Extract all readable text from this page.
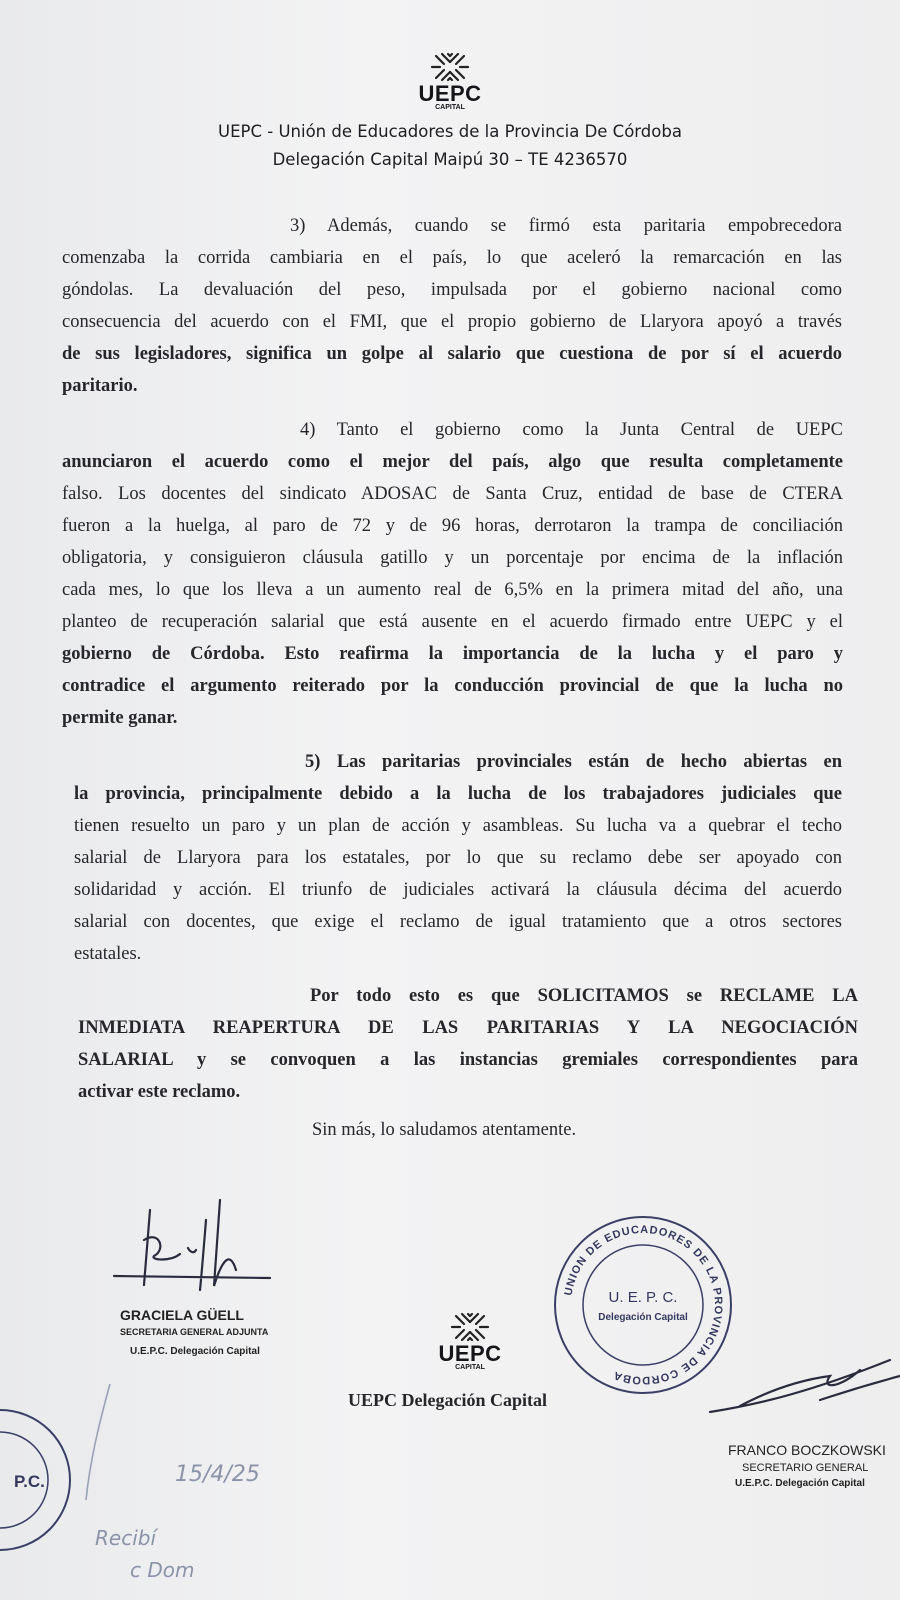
UEPC
CAPITAL
UEPC - Unión de Educadores de la Provincia De Córdoba
Delegación Capital Maipú 30 – TE 4236570
3) Además, cuando se firmó esta paritaria empobrecedora
comenzaba la corrida cambiaria en el país, lo que aceleró la remarcación en las
góndolas. La devaluación del peso, impulsada por el gobierno nacional como
consecuencia del acuerdo con el FMI, que el propio gobierno de Llaryora apoyó a través
de sus legisladores, significa un golpe al salario que cuestiona de por sí el acuerdo
paritario.
4) Tanto el gobierno como la Junta Central de UEPC
anunciaron el acuerdo como el mejor del país, algo que resulta completamente
falso. Los docentes del sindicato ADOSAC de Santa Cruz, entidad de base de CTERA
fueron a la huelga, al paro de 72 y de 96 horas, derrotaron la trampa de conciliación
obligatoria, y consiguieron cláusula gatillo y un porcentaje por encima de la inflación
cada mes, lo que los lleva a un aumento real de 6,5% en la primera mitad del año, una
planteo de recuperación salarial que está ausente en el acuerdo firmado entre UEPC y el
gobierno de Córdoba. Esto reafirma la importancia de la lucha y el paro y
contradice el argumento reiterado por la conducción provincial de que la lucha no
permite ganar.
5) Las paritarias provinciales están de hecho abiertas en
la provincia, principalmente debido a la lucha de los trabajadores judiciales que
tienen resuelto un paro y un plan de acción y asambleas. Su lucha va a quebrar el techo
salarial de Llaryora para los estatales, por lo que su reclamo debe ser apoyado con
solidaridad y acción. El triunfo de judiciales activará la cláusula décima del acuerdo
salarial con docentes, que exige el reclamo de igual tratamiento que a otros sectores
estatales.
Por todo esto es que SOLICITAMOS se RECLAME LA
INMEDIATA REAPERTURA DE LAS PARITARIAS Y LA NEGOCIACIÓN
SALARIAL y se convoquen a las instancias gremiales correspondientes para
activar este reclamo.
Sin más, lo saludamos atentamente.
GRACIELA GÜELL
SECRETARIA GENERAL ADJUNTA
U.E.P.C. Delegación Capital	UEPC
CAPITAL
UEPC Delegación Capital
UNION DE EDUCADORES DE LA PROVINCIA DE CORDOBA
U. E. P. C.
Delegación Capital
FRANCO BOCZKOWSKI
SECRETARIO GENERAL
U.E.P.C. Delegación Capital
P.C.	15/4/25
Recibí
c Dom
